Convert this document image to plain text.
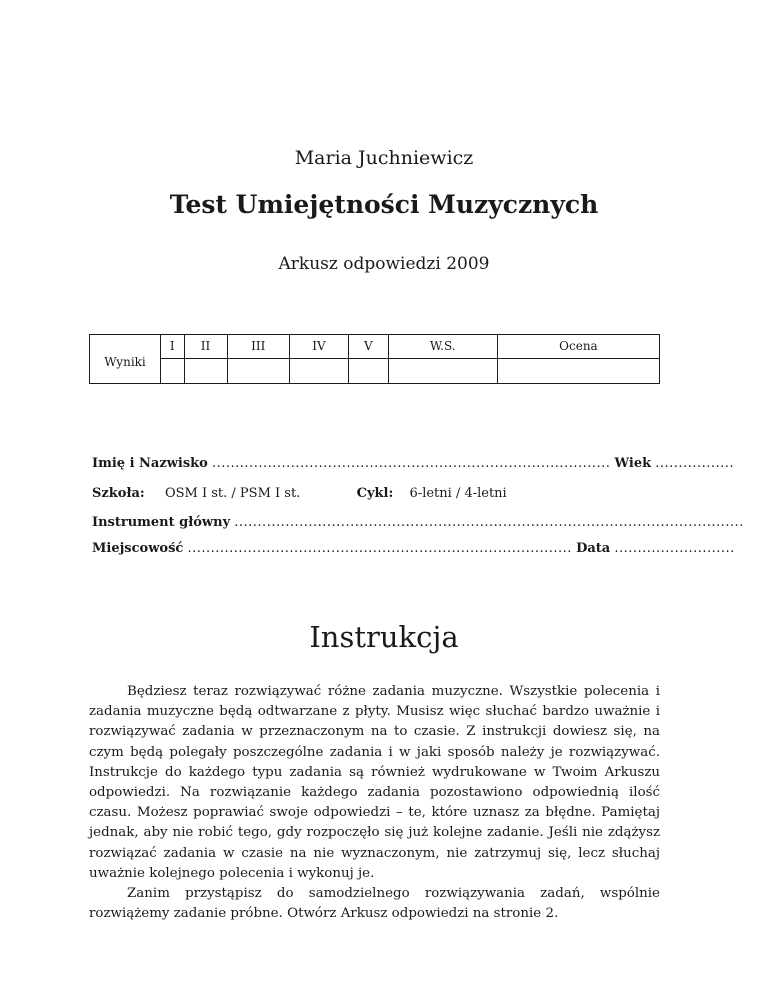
Maria Juchniewicz
Test Umiejętności Muzycznych
Arkusz odpowiedzi 2009
Wyniki	I	II	III	IV	V	W.S.	Ocena

Imię i Nazwisko ...................................................................................... Wiek .................
Szkoła: OSM I st. / PSM I st.	Cykl: 6-letni / 4-letni
Instrument główny ..............................................................................................................
Miejscowość ................................................................................... Data ..........................
Instrukcja

Będziesz teraz rozwiązywać różne zadania muzyczne. Wszystkie polecenia i zadania muzyczne będą odtwarzane z płyty. Musisz więc słuchać bardzo uważnie i rozwiązywać zadania w przeznaczonym na to czasie. Z instrukcji dowiesz się, na czym będą polegały poszczególne zadania i w jaki sposób należy je rozwiązywać. Instrukcje do każdego typu zadania są również wydrukowane w Twoim Arkuszu odpowiedzi. Na rozwiązanie każdego zadania pozostawiono odpowiednią ilość czasu. Możesz poprawiać swoje odpowiedzi – te, które uznasz za błędne. Pamiętaj jednak, aby nie robić tego, gdy rozpoczęło się już kolejne zadanie. Jeśli nie zdążysz rozwiązać zadania w czasie na nie wyznaczonym, nie zatrzymuj się, lecz słuchaj uważnie kolejnego polecenia i wykonuj je.

Zanim przystąpisz do samodzielnego rozwiązywania zadań, wspólnie rozwiążemy zadanie próbne. Otwórz Arkusz odpowiedzi na stronie 2.
